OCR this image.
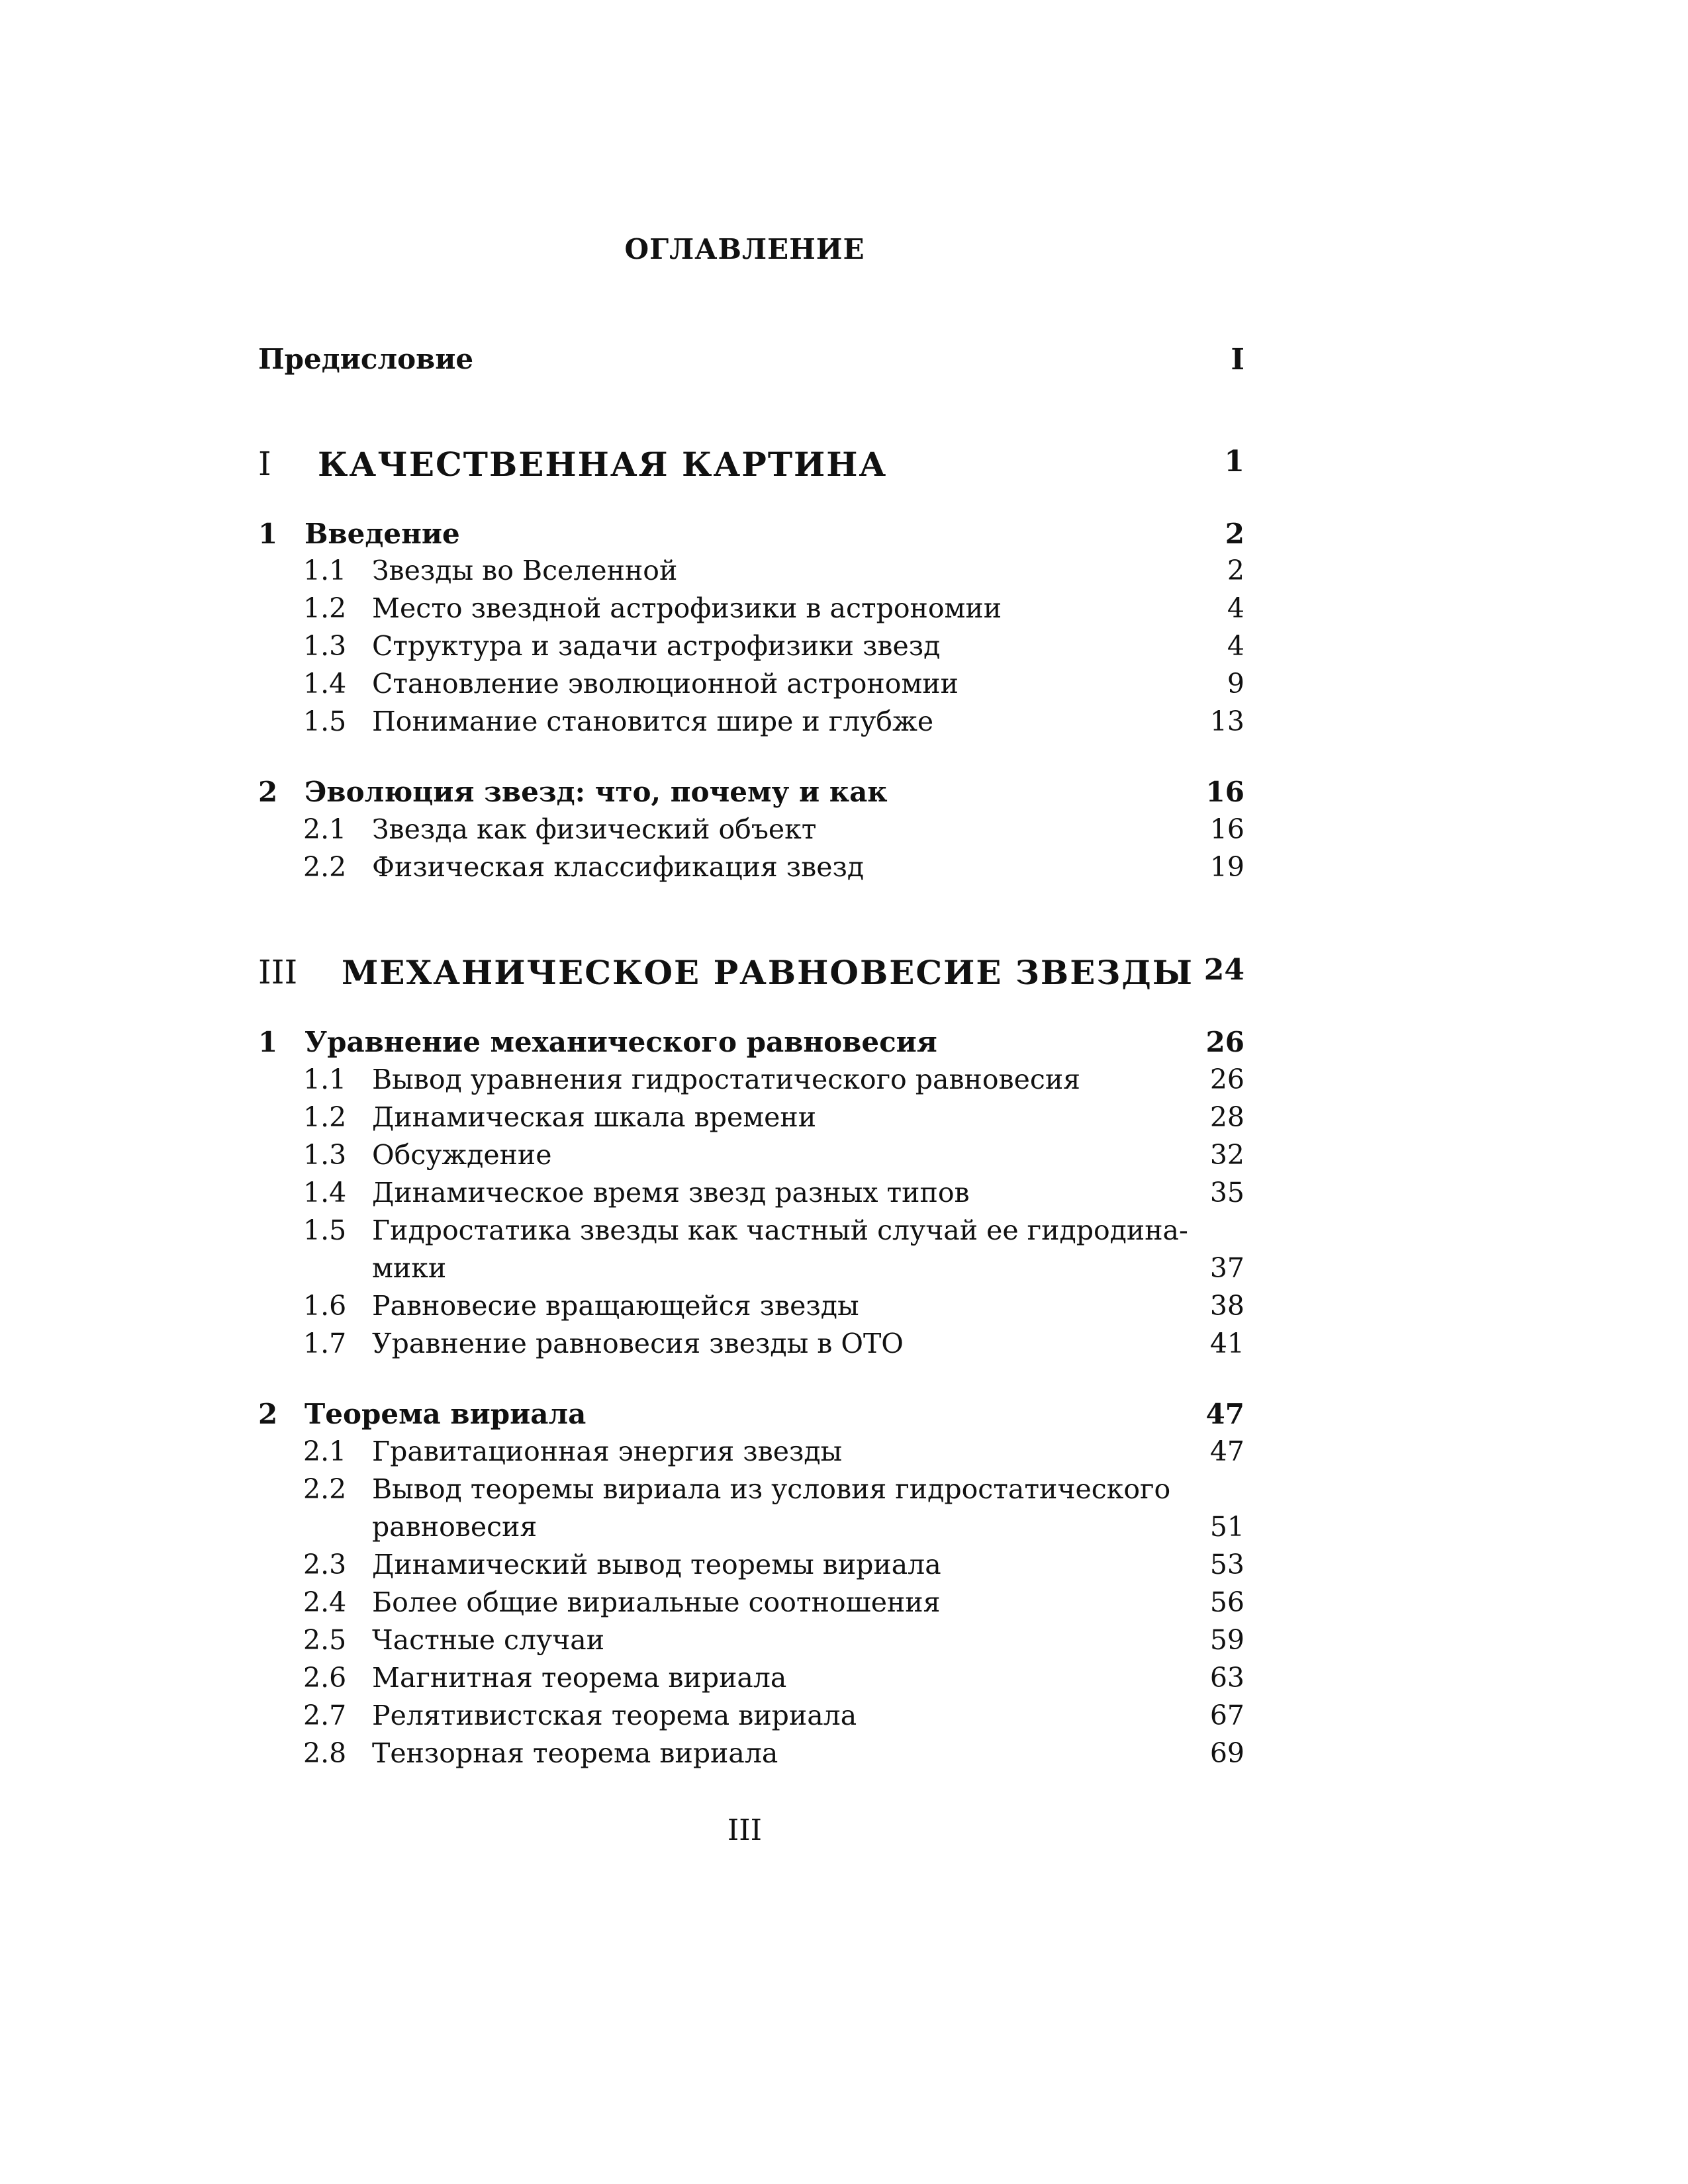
ОГЛАВЛЕНИЕ
Предисловие	I
I КАЧЕСТВЕННАЯ КАРТИНА	1
1 Введение	2
1.1 Звезды во Вселенной	2
1.2 Место звездной астрофизики в астрономии	4
1.3 Структура и задачи астрофизики звезд	4
1.4 Становление эволюционной астрономии	9
1.5 Понимание становится шире и глубже	13
2 Эволюция звезд: что, почему и как	16
2.1 Звезда как физический объект	16
2.2 Физическая классификация звезд	19
III МЕХАНИЧЕСКОЕ РАВНОВЕСИЕ ЗВЕЗДЫ 24
1 Уравнение механического равновесия	26
1.1 Вывод уравнения гидростатического равновесия	26
1.2 Динамическая шкала времени	28
1.3 Обсуждение	32
1.4 Динамическое время звезд разных типов	35
1.5 Гидростатика звезды как частный случай ее гидродина-
мики	37
1.6 Равновесие вращающейся звезды	38
1.7 Уравнение равновесия звезды в ОТО	41
2 Теорема вириала	47
2.1 Гравитационная энергия звезды	47
2.2 Вывод теоремы вириала из условия гидростатического
равновесия	51
2.3 Динамический вывод теоремы вириала	53
2.4 Более общие вириальные соотношения	56
2.5 Частные случаи	59
2.6 Магнитная теорема вириала	63
2.7 Релятивистская теорема вириала	67
2.8 Тензорная теорема вириала	69
III
